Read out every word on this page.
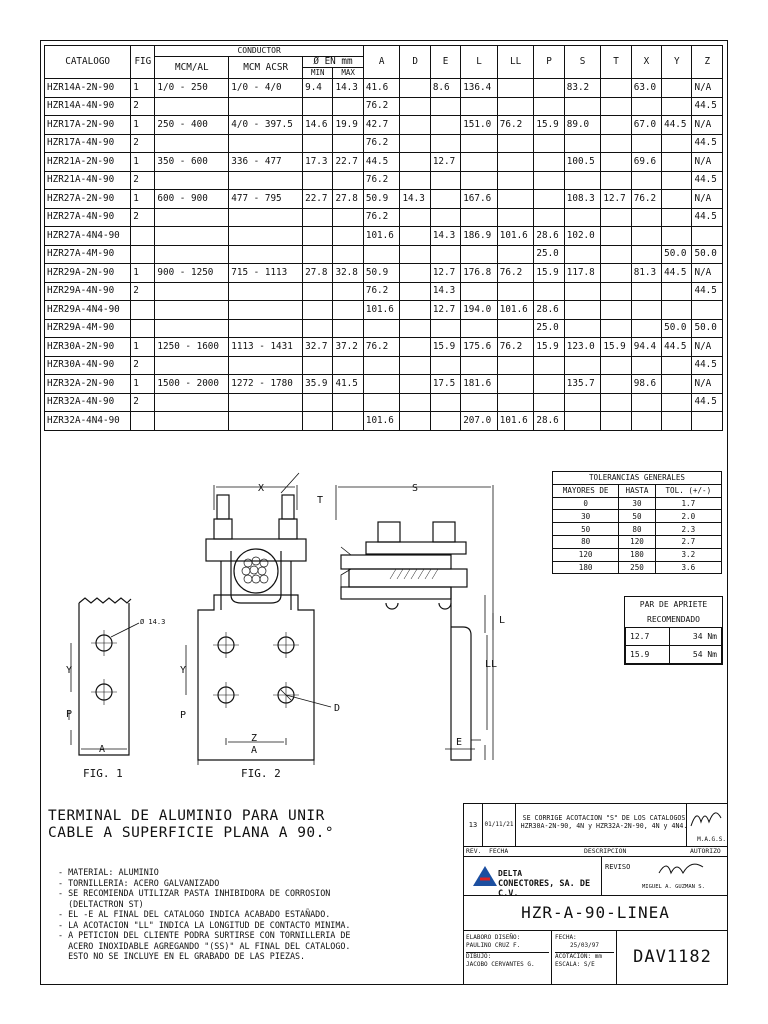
CATALOGO	FIG	CONDUCTOR				A	D	E	L	LL	P	S	T	X	Y	Z
		MCM/AL	MCM ACSR	Ø EN mm												
				MIN	MAX											
HZR14A-2N-90	1	1/0 - 250	1/0 - 4/0	9.4	14.3	41.6		8.6	136.4			83.2		63.0		N/A
HZR14A-4N-90	2					76.2										44.5
HZR17A-2N-90	1	250 - 400	4/0 - 397.5	14.6	19.9	42.7			151.0	76.2	15.9	89.0		67.0	44.5	N/A
HZR17A-4N-90	2					76.2										44.5
HZR21A-2N-90	1	350 - 600	336 - 477	17.3	22.7	44.5		12.7				100.5		69.6		N/A
HZR21A-4N-90	2					76.2										44.5
HZR27A-2N-90	1	600 - 900	477 - 795	22.7	27.8	50.9	14.3		167.6			108.3	12.7	76.2		N/A
HZR27A-4N-90	2					76.2										44.5
HZR27A-4N4-90						101.6		14.3	186.9	101.6	28.6	102.0				
HZR27A-4M-90											25.0				50.0	50.0
HZR29A-2N-90	1	900 - 1250	715 - 1113	27.8	32.8	50.9		12.7	176.8	76.2	15.9	117.8		81.3	44.5	N/A
HZR29A-4N-90	2					76.2		14.3								44.5
HZR29A-4N4-90						101.6		12.7	194.0	101.6	28.6					
HZR29A-4M-90											25.0				50.0	50.0
HZR30A-2N-90	1	1250 - 1600	1113 - 1431	32.7	37.2	76.2		15.9	175.6	76.2	15.9	123.0	15.9	94.4	44.5	N/A
HZR30A-4N-90	2															44.5
HZR32A-2N-90	1	1500 - 2000	1272 - 1780	35.9	41.5			17.5	181.6			135.7		98.6		N/A
HZR32A-4N-90	2															44.5
HZR32A-4N4-90						101.6			207.0	101.6	28.6					
X
T
S
L
LL
E
Y
P
Z
A
D
Y
P
A
Ø 14.3
FIG. 1	FIG. 2
TOLERANCIAS GENERALES		
MAYORES DE	HASTA	TOL. (+/-)
0	30	1.7
30	50	2.0
50	80	2.3
80	120	2.7
120	180	3.2
180	250	3.6
PAR DE APRIETE
RECOMENDADO
12.7	34 Nm
15.9	54 Nm
TERMINAL DE ALUMINIO PARA UNIR
CABLE A SUPERFICIE PLANA A 90.°
- MATERIAL: ALUMINIO
- TORNILLERIA: ACERO GALVANIZADO
- SE RECOMIENDA UTILIZAR PASTA INHIBIDORA DE CORROSION
(DELTACTRON ST)
- EL -E AL FINAL DEL CATALOGO INDICA ACABADO ESTAÑADO.
- LA ACOTACION "LL" INDICA LA LONGITUD DE CONTACTO MINIMA.
- A PETICION DEL CLIENTE PODRA SURTIRSE CON TORNILLERIA DE
ACERO INOXIDABLE AGREGANDO "(SS)" AL FINAL DEL CATALOGO.
ESTO NO SE INCLUYE EN EL GRABADO DE LAS PIEZAS.
13	01/11/21
SE CORRIGE ACOTACION "S" DE LOS CATALOGOS HZR30A-2N-90, 4N y HZR32A-2N-90, 4N y 4N4.
M.A.G.S.
REV. FECHA	DESCRIPCION	AUTORIZO
DELTA
CONECTORES, SA. DE C.V.
REVISO
MIGUEL A. GUZMAN S.
HZR-A-90-LINEA
ELABORO DISEÑO:
PAULINO CRUZ F.
DIBUJO:
JACOBO CERVANTES G.
FECHA:
25/03/97
ACOTACION: mm
ESCALA: S/E	DAV1182
